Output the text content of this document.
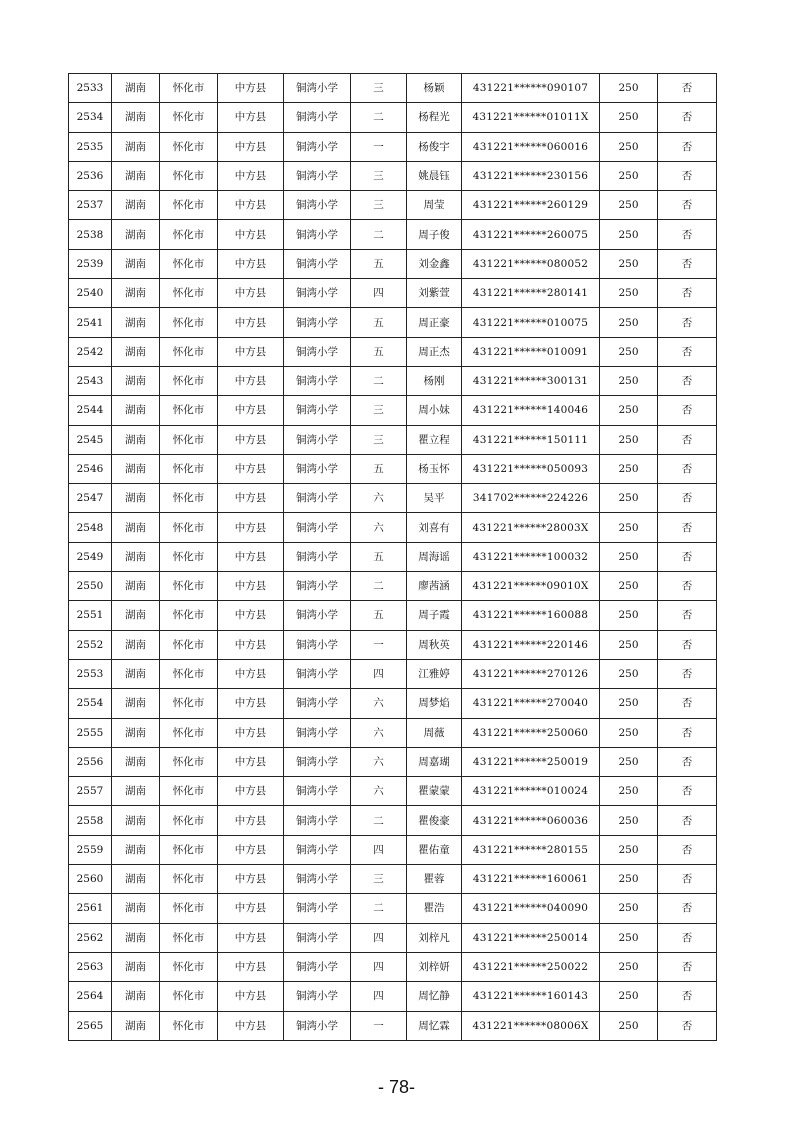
2533	湖南	怀化市	中方县	铜湾小学	三	杨颖	431221******090107	250	否
2534	湖南	怀化市	中方县	铜湾小学	二	杨程光	431221******01011X	250	否
2535	湖南	怀化市	中方县	铜湾小学	一	杨俊宇	431221******060016	250	否
2536	湖南	怀化市	中方县	铜湾小学	三	姚晨钰	431221******230156	250	否
2537	湖南	怀化市	中方县	铜湾小学	三	周莹	431221******260129	250	否
2538	湖南	怀化市	中方县	铜湾小学	二	周子俊	431221******260075	250	否
2539	湖南	怀化市	中方县	铜湾小学	五	刘金鑫	431221******080052	250	否
2540	湖南	怀化市	中方县	铜湾小学	四	刘紫萱	431221******280141	250	否
2541	湖南	怀化市	中方县	铜湾小学	五	周正豪	431221******010075	250	否
2542	湖南	怀化市	中方县	铜湾小学	五	周正杰	431221******010091	250	否
2543	湖南	怀化市	中方县	铜湾小学	二	杨刚	431221******300131	250	否
2544	湖南	怀化市	中方县	铜湾小学	三	周小妹	431221******140046	250	否
2545	湖南	怀化市	中方县	铜湾小学	三	瞿立程	431221******150111	250	否
2546	湖南	怀化市	中方县	铜湾小学	五	杨玉怀	431221******050093	250	否
2547	湖南	怀化市	中方县	铜湾小学	六	吴平	341702******224226	250	否
2548	湖南	怀化市	中方县	铜湾小学	六	刘喜有	431221******28003X	250	否
2549	湖南	怀化市	中方县	铜湾小学	五	周海谣	431221******100032	250	否
2550	湖南	怀化市	中方县	铜湾小学	二	廖茜涵	431221******09010X	250	否
2551	湖南	怀化市	中方县	铜湾小学	五	周子霞	431221******160088	250	否
2552	湖南	怀化市	中方县	铜湾小学	一	周秋英	431221******220146	250	否
2553	湖南	怀化市	中方县	铜湾小学	四	江雅婷	431221******270126	250	否
2554	湖南	怀化市	中方县	铜湾小学	六	周梦焰	431221******270040	250	否
2555	湖南	怀化市	中方县	铜湾小学	六	周薇	431221******250060	250	否
2556	湖南	怀化市	中方县	铜湾小学	六	周嘉瑚	431221******250019	250	否
2557	湖南	怀化市	中方县	铜湾小学	六	瞿蒙蒙	431221******010024	250	否
2558	湖南	怀化市	中方县	铜湾小学	二	瞿俊豪	431221******060036	250	否
2559	湖南	怀化市	中方县	铜湾小学	四	瞿佑童	431221******280155	250	否
2560	湖南	怀化市	中方县	铜湾小学	三	瞿蓉	431221******160061	250	否
2561	湖南	怀化市	中方县	铜湾小学	二	瞿浩	431221******040090	250	否
2562	湖南	怀化市	中方县	铜湾小学	四	刘梓凡	431221******250014	250	否
2563	湖南	怀化市	中方县	铜湾小学	四	刘梓妍	431221******250022	250	否
2564	湖南	怀化市	中方县	铜湾小学	四	周忆静	431221******160143	250	否
2565	湖南	怀化市	中方县	铜湾小学	一	周忆霖	431221******08006X	250	否
- 78-
